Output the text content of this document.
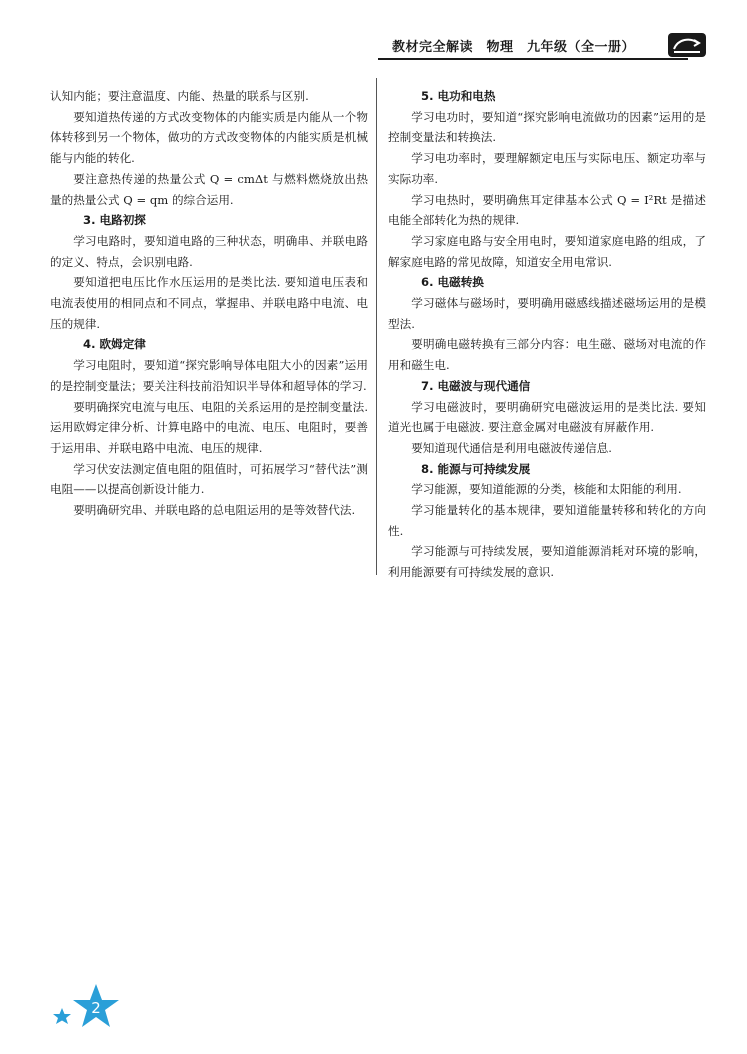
教材完全解读　物理　九年级（全一册）

认知内能；要注意温度、内能、热量的联系与区别.

要知道热传递的方式改变物体的内能实质是内能从一个物体转移到另一个物体，做功的方式改变物体的内能实质是机械能与内能的转化.

要注意热传递的热量公式 Q = cmΔt 与燃料燃烧放出热量的热量公式 Q = qm 的综合运用.

3. 电路初探

学习电路时，要知道电路的三种状态，明确串、并联电路的定义、特点，会识别电路.

要知道把电压比作水压运用的是类比法. 要知道电压表和电流表使用的相同点和不同点，掌握串、并联电路中电流、电压的规律.

4. 欧姆定律

学习电阻时，要知道“探究影响导体电阻大小的因素”运用的是控制变量法；要关注科技前沿知识半导体和超导体的学习.

要明确探究电流与电压、电阻的关系运用的是控制变量法. 运用欧姆定律分析、计算电路中的电流、电压、电阻时，要善于运用串、并联电路中电流、电压的规律.

学习伏安法测定值电阻的阻值时，可拓展学习“替代法”测电阻——以提高创新设计能力.

要明确研究串、并联电路的总电阻运用的是等效替代法.

5. 电功和电热

学习电功时，要知道“探究影响电流做功的因素”运用的是控制变量法和转换法.

学习电功率时，要理解额定电压与实际电压、额定功率与实际功率.

学习电热时，要明确焦耳定律基本公式 Q = I²Rt 是描述电能全部转化为热的规律.

学习家庭电路与安全用电时，要知道家庭电路的组成，了解家庭电路的常见故障，知道安全用电常识.

6. 电磁转换

学习磁体与磁场时，要明确用磁感线描述磁场运用的是模型法.

要明确电磁转换有三部分内容：电生磁、磁场对电流的作用和磁生电.

7. 电磁波与现代通信

学习电磁波时，要明确研究电磁波运用的是类比法. 要知道光也属于电磁波. 要注意金属对电磁波有屏蔽作用.

要知道现代通信是利用电磁波传递信息.

8. 能源与可持续发展

学习能源，要知道能源的分类，核能和太阳能的利用.

学习能量转化的基本规律，要知道能量转移和转化的方向性.

学习能源与可持续发展，要知道能源消耗对环境的影响，利用能源要有可持续发展的意识.

2
